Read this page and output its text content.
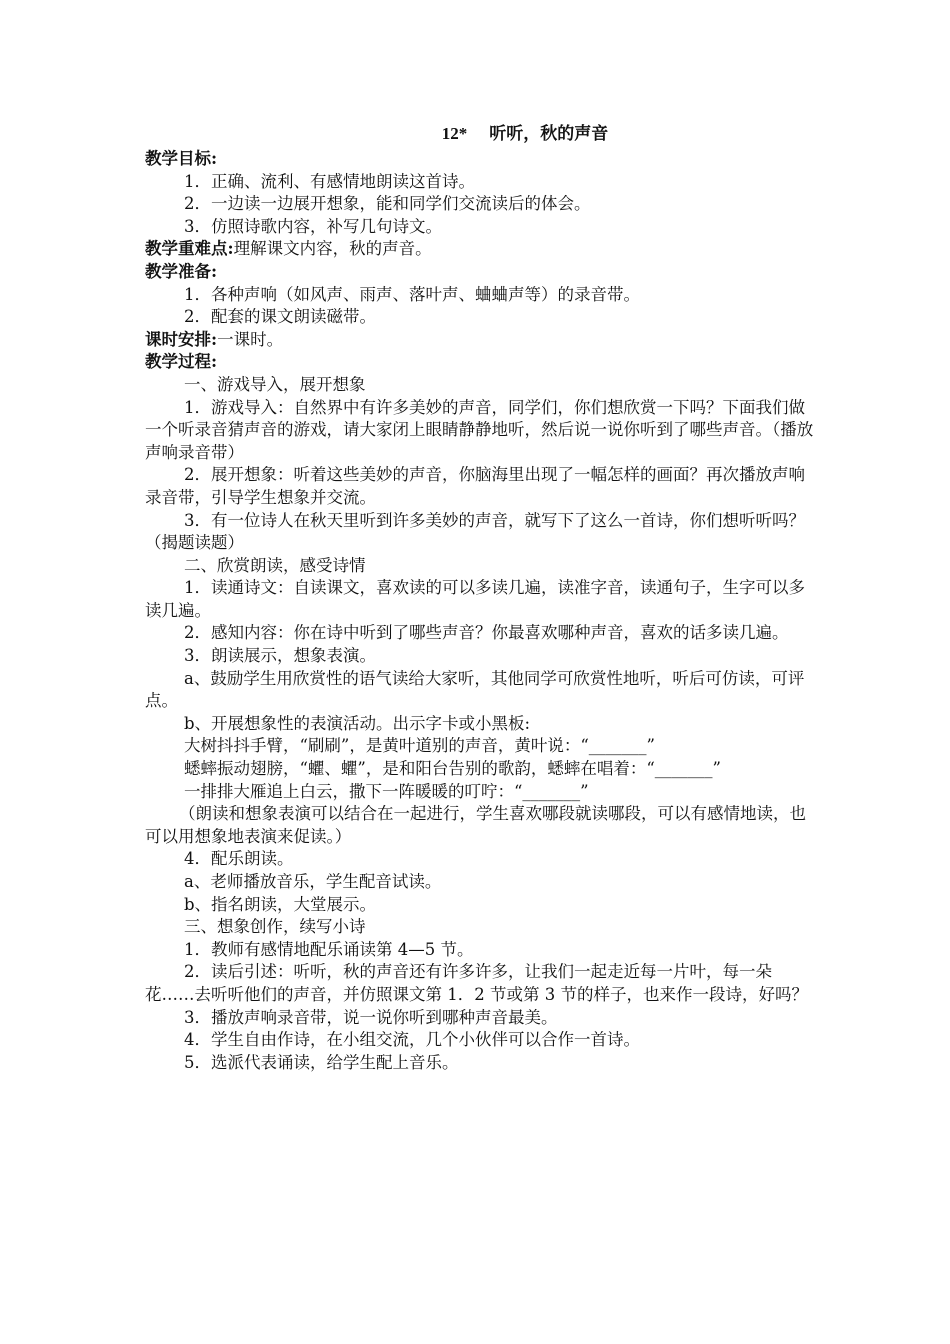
12* 听听，秋的声音
教学目标:
1．正确、流利、有感情地朗读这首诗。
2．一边读一边展开想象，能和同学们交流读后的体会。
3．仿照诗歌内容，补写几句诗文。
教学重难点:理解课文内容，秋的声音。
教学准备:
1．各种声响（如风声、雨声、落叶声、蛐蛐声等）的录音带。
2．配套的课文朗读磁带。
课时安排:一课时。
教学过程:
一、游戏导入，展开想象
1．游戏导入：自然界中有许多美妙的声音，同学们，你们想欣赏一下吗？下面我们做一个听录音猜声音的游戏，请大家闭上眼睛静静地听，然后说一说你听到了哪些声音。（播放声响录音带）
2．展开想象：听着这些美妙的声音，你脑海里出现了一幅怎样的画面？再次播放声响录音带，引导学生想象并交流。
3．有一位诗人在秋天里听到许多美妙的声音，就写下了这么一首诗，你们想听听吗？（揭题读题）
二、欣赏朗读，感受诗情
1．读通诗文：自读课文，喜欢读的可以多读几遍，读准字音，读通句子，生字可以多读几遍。
2．感知内容：你在诗中听到了哪些声音？你最喜欢哪种声音，喜欢的话多读几遍。
3．朗读展示，想象表演。
a、鼓励学生用欣赏性的语气读给大家听，其他同学可欣赏性地听，听后可仿读，可评点。
b、开展想象性的表演活动。出示字卡或小黑板:
大树抖抖手臂，“刷刷”，是黄叶道别的声音，黄叶说：“_______”
蟋蟀振动翅膀，“蠷、蠷”，是和阳台告别的歌韵，蟋蟀在唱着：“_______”
一排排大雁追上白云，撒下一阵暖暖的叮咛：“_______”
（朗读和想象表演可以结合在一起进行，学生喜欢哪段就读哪段，可以有感情地读，也可以用想象地表演来促读。）
4．配乐朗读。
a、老师播放音乐，学生配音试读。
b、指名朗读，大堂展示。
三、想象创作，续写小诗
1．教师有感情地配乐诵读第 4—5 节。
2．读后引述：听听，秋的声音还有许多许多，让我们一起走近每一片叶，每一朵花……去听听他们的声音，并仿照课文第 1．2 节或第 3 节的样子，也来作一段诗，好吗？
3．播放声响录音带，说一说你听到哪种声音最美。
4．学生自由作诗，在小组交流，几个小伙伴可以合作一首诗。
5．选派代表诵读，给学生配上音乐。
